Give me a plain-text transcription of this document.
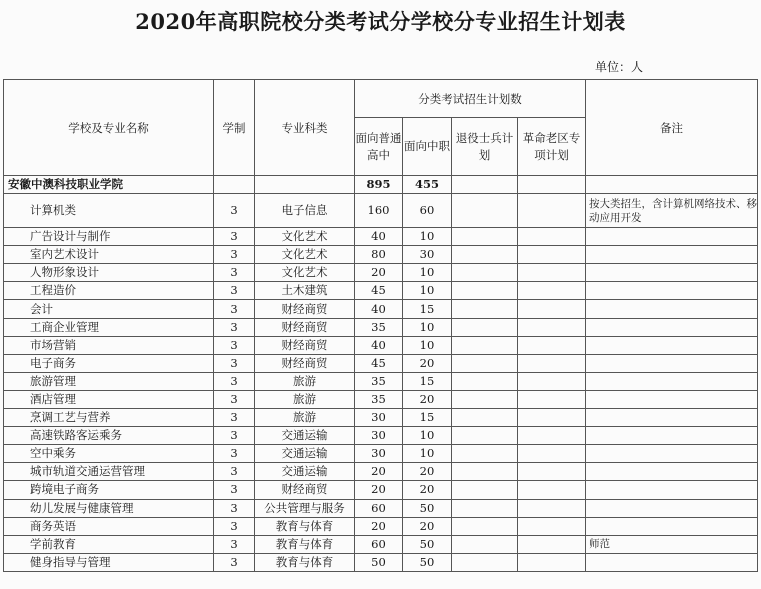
2020年高职院校分类考试分学校分专业招生计划表
单位：人
学校及专业名称	学制	专业科类	分类考试招生计划数				备注
			面向普通高中	面向中职	退役士兵计划	革命老区专项计划	
安徽中澳科技职业学院			895	455			
计算机类	3	电子信息	160	60			按大类招生，含计算机网络技术、移动应用开发
广告设计与制作	3	文化艺术	40	10			
室内艺术设计	3	文化艺术	80	30			
人物形象设计	3	文化艺术	20	10			
工程造价	3	土木建筑	45	10			
会计	3	财经商贸	40	15			
工商企业管理	3	财经商贸	35	10			
市场营销	3	财经商贸	40	10			
电子商务	3	财经商贸	45	20			
旅游管理	3	旅游	35	15			
酒店管理	3	旅游	35	20			
烹调工艺与营养	3	旅游	30	15			
高速铁路客运乘务	3	交通运输	30	10			
空中乘务	3	交通运输	30	10			
城市轨道交通运营管理	3	交通运输	20	20			
跨境电子商务	3	财经商贸	20	20			
幼儿发展与健康管理	3	公共管理与服务	60	50			
商务英语	3	教育与体育	20	20			
学前教育	3	教育与体育	60	50			师范
健身指导与管理	3	教育与体育	50	50			
